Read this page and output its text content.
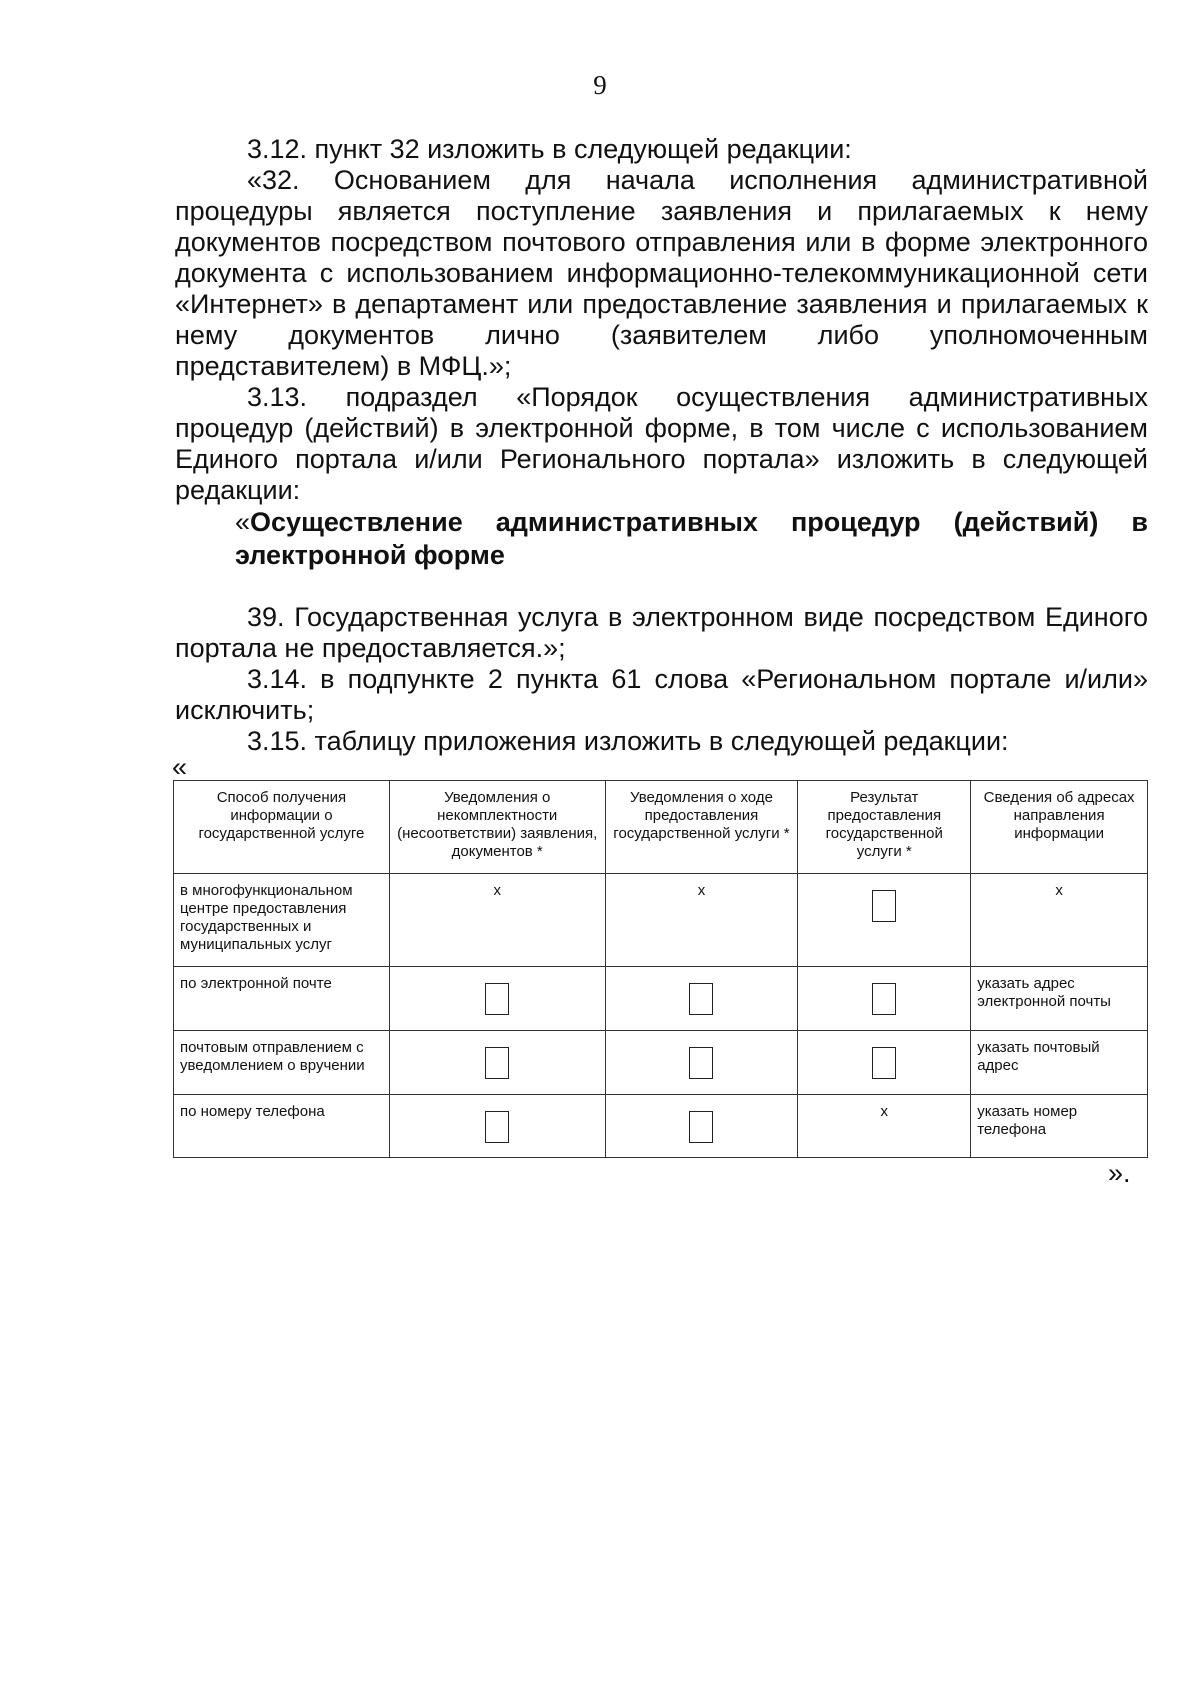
9

3.12. пункт 32 изложить в следующей редакции:

«32. Основанием для начала исполнения административной процедуры является поступление заявления и прилагаемых к нему документов посредством почтового отправления или в форме электронного документа с использованием информационно-телекоммуникационной сети «Интернет» в департамент или предоставление заявления и прилагаемых к нему документов лично (заявителем либо уполномоченным представителем) в МФЦ.»;

3.13. подраздел «Порядок осуществления административных процедур (действий) в электронной форме, в том числе с использованием Единого портала и/или Регионального портала» изложить в следующей редакции:

«Осуществление административных процедур (действий) в электронной форме

39. Государственная услуга в электронном виде посредством Единого портала не предоставляется.»;

3.14. в подпункте 2 пункта 61 слова «Региональном портале и/или» исключить;

3.15. таблицу приложения изложить в следующей редакции:

«
Способ получения информации о государственной услуге	Уведомления о некомплектности (несоответствии) заявления, документов *	Уведомления о ходе предоставления государственной услуги *	Результат предоставления государственной услуги *	Сведения об адресах направления информации
в многофункциональном центре предоставления государственных и муниципальных услуг	x	x		x
по электронной почте				указать адрес электронной почты
почтовым отправлением с уведомлением о вручении				указать почтовый адрес
по номеру телефона			x	указать номер телефона
».
